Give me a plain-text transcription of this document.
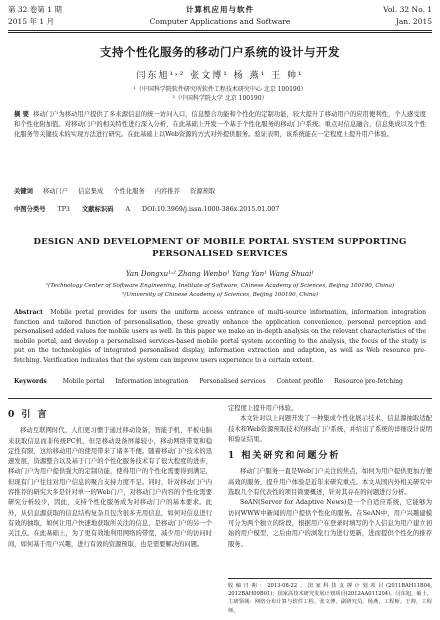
第 32 卷第 1 期
2015 年 1 月
计算机应用与软件
Computer Applications and Software
Vol. 32 No. 1
Jan. 2015
支持个性化服务的移动门户系统的设计与开发
闫东旭¹˒² 张文博¹ 杨 燕¹ 王 帅¹
¹（中国科学院软件研究所软件工程技术研究中心 北京 100190）
²（中国科学院大学 北京 100190）
摘 要 移动门户为移动用户提供了多来源信息的统一访问入口，信息整合功能和个性化的定制功能，较大提升了移动用户的应用便利性，个人感受度和个性化附加值。对移动门户的相关特性进行深入分析，在此基础上开发一个基于个性化服务的移动门户系统。重点对信息融合、信息集成以及个性化服务等关键技术的实现方法进行研究。在此基础上以Web资源的方式对外提供服务。验证表明，该系统能在一定程度上提升用户体验。
关键词 移动门户 信息集成 个性化服务 内容推荐 资源预取
中图分类号 TP3 文献标识码 A DOI:10.3969/j.issn.1000-386x.2015.01.007
DESIGN AND DEVELOPMENT OF MOBILE PORTAL SYSTEM SUPPORTING PERSONALISED SERVICES
Yan Dongxu¹˒² Zhang Wenbo¹ Yang Yan¹ Wang Shuai¹
¹(Technology Center of Software Engineering, Institute of Software, Chinese Academy of Sciences, Beijing 100190, China)
²(University of Chinese Academy of Sciences, Beijing 100190, China)
Abstract Mobile portal provides for users the uniform access entrance of multi-source information, information integration function and tailored function of personalisation, these greatly enhance the application convenience, personal perception and personalised added values for mobile users as well. In this paper we make an in-depth analysis on the relevant characteristics of the mobile portal, and develop a personalised services-based mobile portal system according to the analysis, the focus of the study is put on the technologies of integrated personalised display, information extraction and adaption, as well as Web resource pre-fetching. Verification indicates that the system can improve users experience to a certain extent.
Keywords	Mobile portal Information integration Personalised services Content profile Resource pre-fetching
0 引 言

移动互联网时代，人们更习惯于通过移动设备，智能手机、平板电脑来获取信息而非传统PC机，但是移动设备屏幕较小，移动网络带宽和稳定性有限，这给移动用户的使用带来了诸多不便。随着移动门户技术的迅速发展，资源整合以及基于门户的个性化服务技术有了很大程度的进步，移动门户为用户提供强大的定制功能，使得用户的个性化需要得到满足，但现有门户往往对用户信息的聚合支持力度不足。同时，针对移动门户内容推荐的研究大多是针对单一的Web门户，对移动门户内容的个性化需要研究分析较少，因此，支持个性化服务成为对移动门户的基本要求。此外，从信息源获取的信息结构复杂且包含很多无用信息，如何对信息进行有效的抽取，如何让用户快速地获取所关注的信息，是移动门户的另一个关注点。在此基础上，为了更有效地利用网络的带宽，减少用户的访问时间，如何基于用户兴趣，进行有效的资源预取，也是需要解决的问题。

定程度上提升用户体验。

本文针对以上问题开发了一种集成个性化展示技术、信息源抽取适配技术和Web资源预取技术的移动门户系统，并给出了系统的详细设计说明和验证结果。

1 相关研究和问题分析

移动门户服务一直是Web门户关注的焦点，如何为用户提供更加方便高效的服务，提升用户体验是近年来研究重点。本文从国内外相关研究中选取几个有代表性的项目简要概述，针对其存在的问题进行分析。

SeAN(Server for Adaptive News)是一个自适应系统，它能够为访问WWW中新闻的用户提供个性化的服务。在SeAN中，用户兴趣建模可分为两个独立的阶段，根据用户在登录时填写的个人信息为用户建立初始的用户模型，之后由用户的浏览行为进行更新，进而提供个性化的推荐服务。

收稿日期：2013-08-22。国家科技支撑计划项目(2011BAH11B04, 2012BAH09B01)；国家高技术研究发展计划项目(2012AA011204)。闫东旭，硕士，主研领域：网络分布计算与软件工程。张文博，副研究员。杨燕，工程师。王帅，工程师。
